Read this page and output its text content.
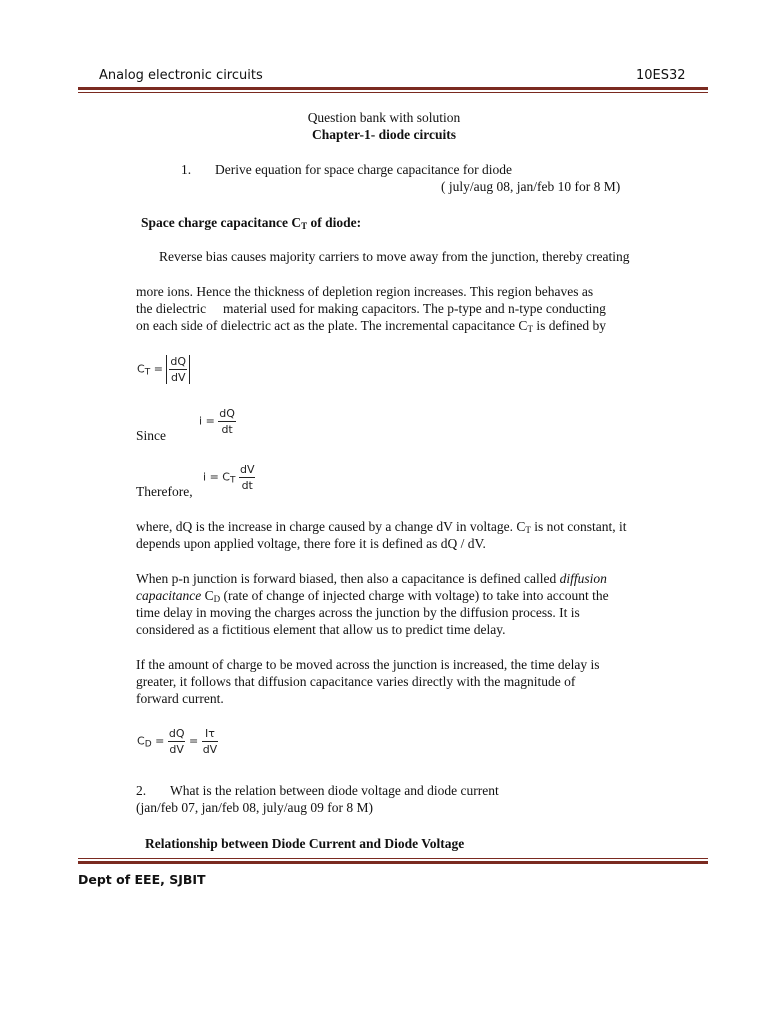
Analog electronic circuits	10ES32
Question bank with solution
Chapter-1- diode circuits
1. Derive equation for space charge capacitance for diode
( july/aug 08, jan/feb 10 for 8 M)
Space charge capacitance $C_T$ of diode:
Reverse bias causes majority carriers to move away from the junction, thereby creating
more ions. Hence the thickness of depletion region increases. This region behaves as
the dielectric     material used for making capacitors. The p-type and n-type conducting
on each side of dielectric act as the plate. The incremental capacitance $C_T$ is defined by
$C_T = \frac{dQ}{dV}$
Since
$i = \frac{dQ}{dt}$
Therefore,
$i = C_T \frac{dV}{dt}$
where, dQ is the increase in charge caused by a change dV in voltage. $C_T$ is not constant, it
depends upon applied voltage, there fore it is defined as dQ / dV.
When p-n junction is forward biased, then also a capacitance is defined called diffusion
capacitance $C_D$ (rate of change of injected charge with voltage) to take into account the
time delay in moving the charges across the junction by the diffusion process. It is
considered as a fictitious element that allow us to predict time delay.
If the amount of charge to be moved across the junction is increased, the time delay is
greater, it follows that diffusion capacitance varies directly with the magnitude of
forward current.
$C_D = \frac{dQ}{dV} = \frac{I\tau}{dV}$
2. What is the relation between diode voltage and diode current
(jan/feb 07, jan/feb 08, july/aug 09 for 8 M)
Relationship between Diode Current and Diode Voltage
Dept of EEE, SJBIT
